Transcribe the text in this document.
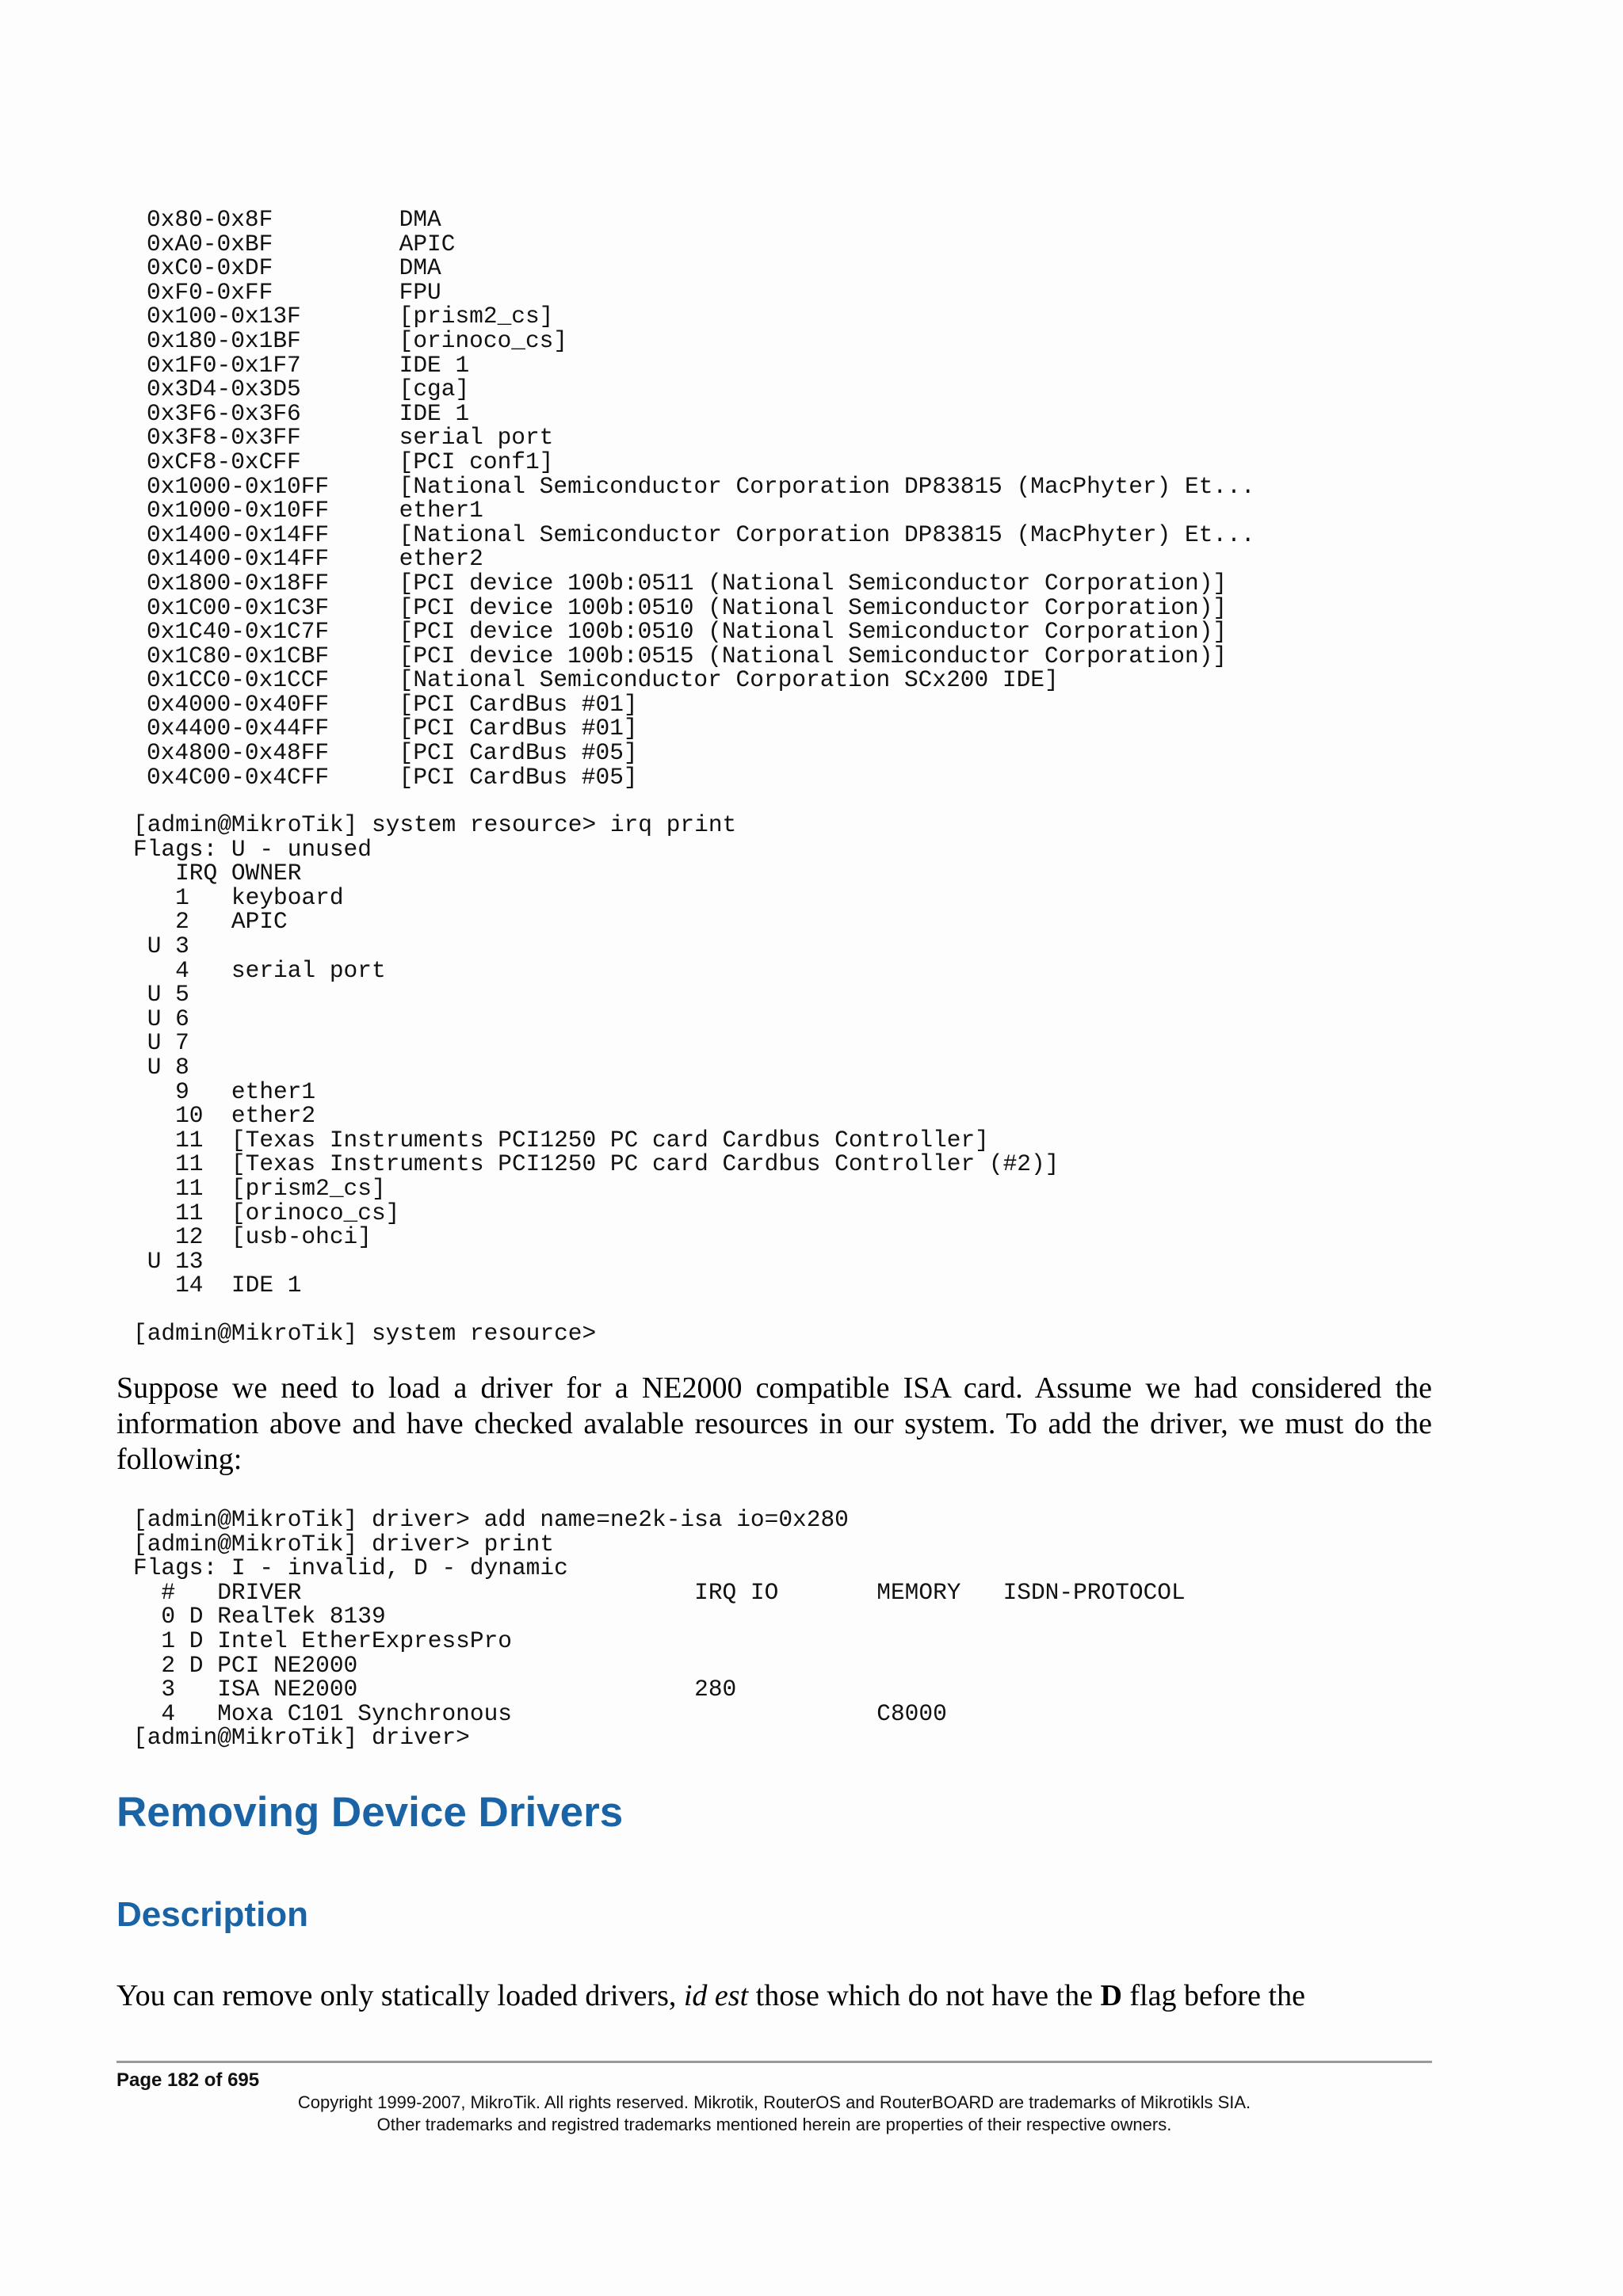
0x80-0x8F         DMA
0xA0-0xBF         APIC
0xC0-0xDF         DMA
0xF0-0xFF         FPU
0x100-0x13F       [prism2_cs]
0x180-0x1BF       [orinoco_cs]
0x1F0-0x1F7       IDE 1
0x3D4-0x3D5       [cga]
0x3F6-0x3F6       IDE 1
0x3F8-0x3FF       serial port
0xCF8-0xCFF       [PCI conf1]
0x1000-0x10FF     [National Semiconductor Corporation DP83815 (MacPhyter) Et...
0x1000-0x10FF     ether1
0x1400-0x14FF     [National Semiconductor Corporation DP83815 (MacPhyter) Et...
0x1400-0x14FF     ether2
0x1800-0x18FF     [PCI device 100b:0511 (National Semiconductor Corporation)]
0x1C00-0x1C3F     [PCI device 100b:0510 (National Semiconductor Corporation)]
0x1C40-0x1C7F     [PCI device 100b:0510 (National Semiconductor Corporation)]
0x1C80-0x1CBF     [PCI device 100b:0515 (National Semiconductor Corporation)]
0x1CC0-0x1CCF     [National Semiconductor Corporation SCx200 IDE]
0x4000-0x40FF     [PCI CardBus #01]
0x4400-0x44FF     [PCI CardBus #01]
0x4800-0x48FF     [PCI CardBus #05]
0x4C00-0x4CFF     [PCI CardBus #05]
[admin@MikroTik] system resource> irq print
Flags: U - unused
IRQ OWNER
1   keyboard
2   APIC
U 3
4   serial port
U 5
U 6
U 7
U 8
9   ether1
10  ether2
11  [Texas Instruments PCI1250 PC card Cardbus Controller]
11  [Texas Instruments PCI1250 PC card Cardbus Controller (#2)]
11  [prism2_cs]
11  [orinoco_cs]
12  [usb-ohci]
U 13
14  IDE 1

[admin@MikroTik] system resource>

Suppose we need to load a driver for a NE2000 compatible ISA card. Assume we had considered the information above and have checked avalable resources in our system. To add the driver, we must do the following:

[admin@MikroTik] driver> add name=ne2k-isa io=0x280
[admin@MikroTik] driver> print
Flags: I - invalid, D - dynamic
#   DRIVER                            IRQ IO       MEMORY   ISDN-PROTOCOL
0 D RealTek 8139
1 D Intel EtherExpressPro
2 D PCI NE2000
3   ISA NE2000                        280
4   Moxa C101 Synchronous                          C8000
[admin@MikroTik] driver>
Removing Device Drivers
Description

You can remove only statically loaded drivers, id est those which do not have the D flag before the

Page 182 of 695
Copyright 1999-2007, MikroTik. All rights reserved. Mikrotik, RouterOS and RouterBOARD are trademarks of Mikrotikls SIA.
Other trademarks and registred trademarks mentioned herein are properties of their respective owners.
